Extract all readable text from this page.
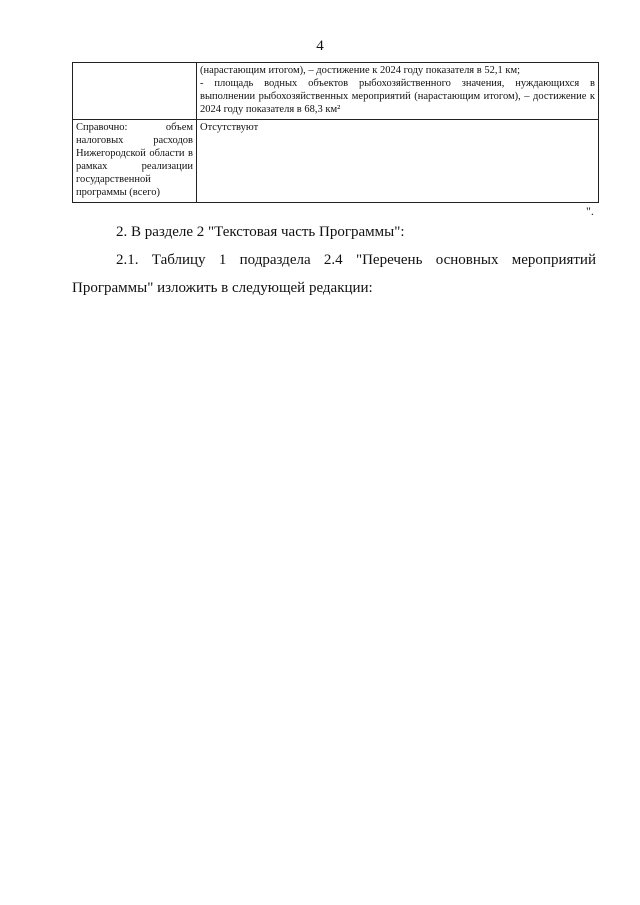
4

	(нарастающим итогом), – достижение к 2024 году показателя в 52,1 км;
- площадь водных объектов рыбохозяйственного значения, нуждающихся в выполнении рыбохозяйственных мероприятий (нарастающим итогом), – достижение к 2024 году показателя в 68,3 км²

Справочно: объем налоговых расходов Нижегородской области в рамках реализации государственной программы (всего)	Отсутствуют
".

2. В разделе 2 "Текстовая часть Программы":

2.1. Таблицу 1 подраздела 2.4 "Перечень основных мероприятий Программы" изложить в следующей редакции:
